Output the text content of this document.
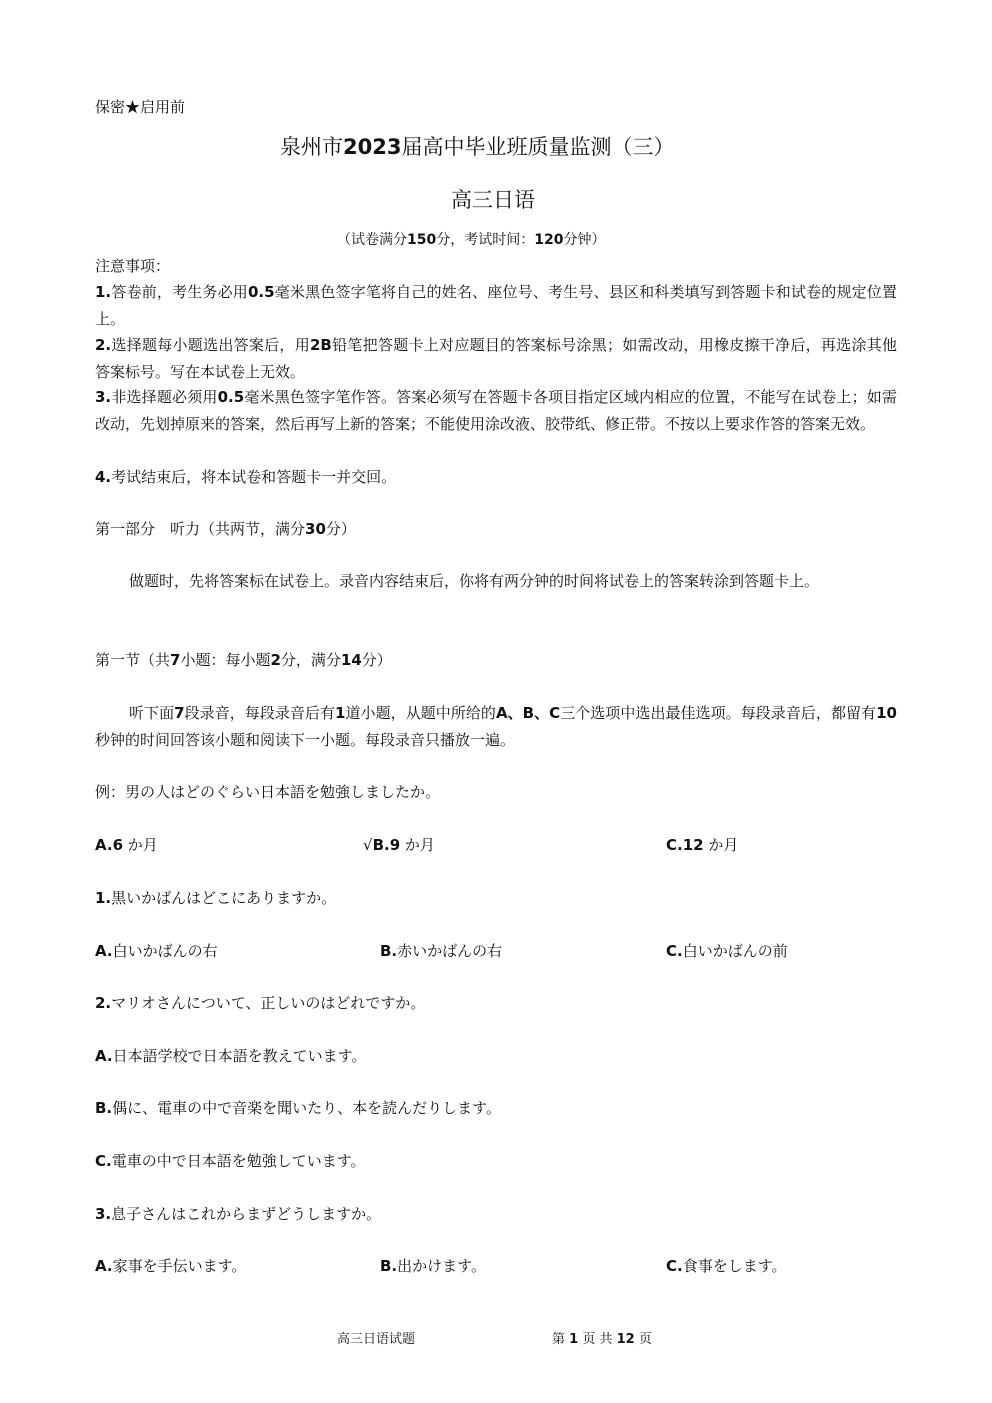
保密★启用前
泉州市2023届高中毕业班质量监测（三）
高三日语
（试卷满分150分，考试时间：120分钟）
注意事项：
1.答卷前，考生务必用0.5毫米黑色签字笔将自己的姓名、座位号、考生号、县区和科类填写到答题卡和试卷的规定位置上。
2.选择题每小题选出答案后，用2B铅笔把答题卡上对应题目的答案标号涂黑；如需改动，用橡皮擦干净后，再选涂其他答案标号。写在本试卷上无效。
3.非选择题必须用0.5毫米黑色签字笔作答。答案必须写在答题卡各项目指定区域内相应的位置，不能写在试卷上；如需改动，先划掉原来的答案，然后再写上新的答案；不能使用涂改液、胶带纸、修正带。不按以上要求作答的答案无效。
4.考试结束后，将本试卷和答题卡一并交回。
第一部分　听力（共两节，满分30分）
做题时，先将答案标在试卷上。录音内容结束后，你将有两分钟的时间将试卷上的答案转涂到答题卡上。
第一节（共7小题：每小题2分，满分14分）
听下面7段录音，每段录音后有1道小题，从题中所给的A、B、C三个选项中选出最佳选项。每段录音后，都留有10秒钟的时间回答该小题和阅读下一小题。每段录音只播放一遍。
例：男の人はどのぐらい日本語を勉強しましたか。
A.6 か月	√B.9 か月	C.12 か月
1.黒いかばんはどこにありますか。
A.白いかばんの右	B.赤いかばんの右	C.白いかばんの前
2.マリオさんについて、正しいのはどれですか。
A.日本語学校で日本語を教えています。
B.偶に、電車の中で音楽を聞いたり、本を読んだりします。
C.電車の中で日本語を勉強しています。
3.息子さんはこれからまずどうしますか。
A.家事を手伝います。	B.出かけます。	C.食事をします。
高三日语试题	第 1 页 共 12 页
